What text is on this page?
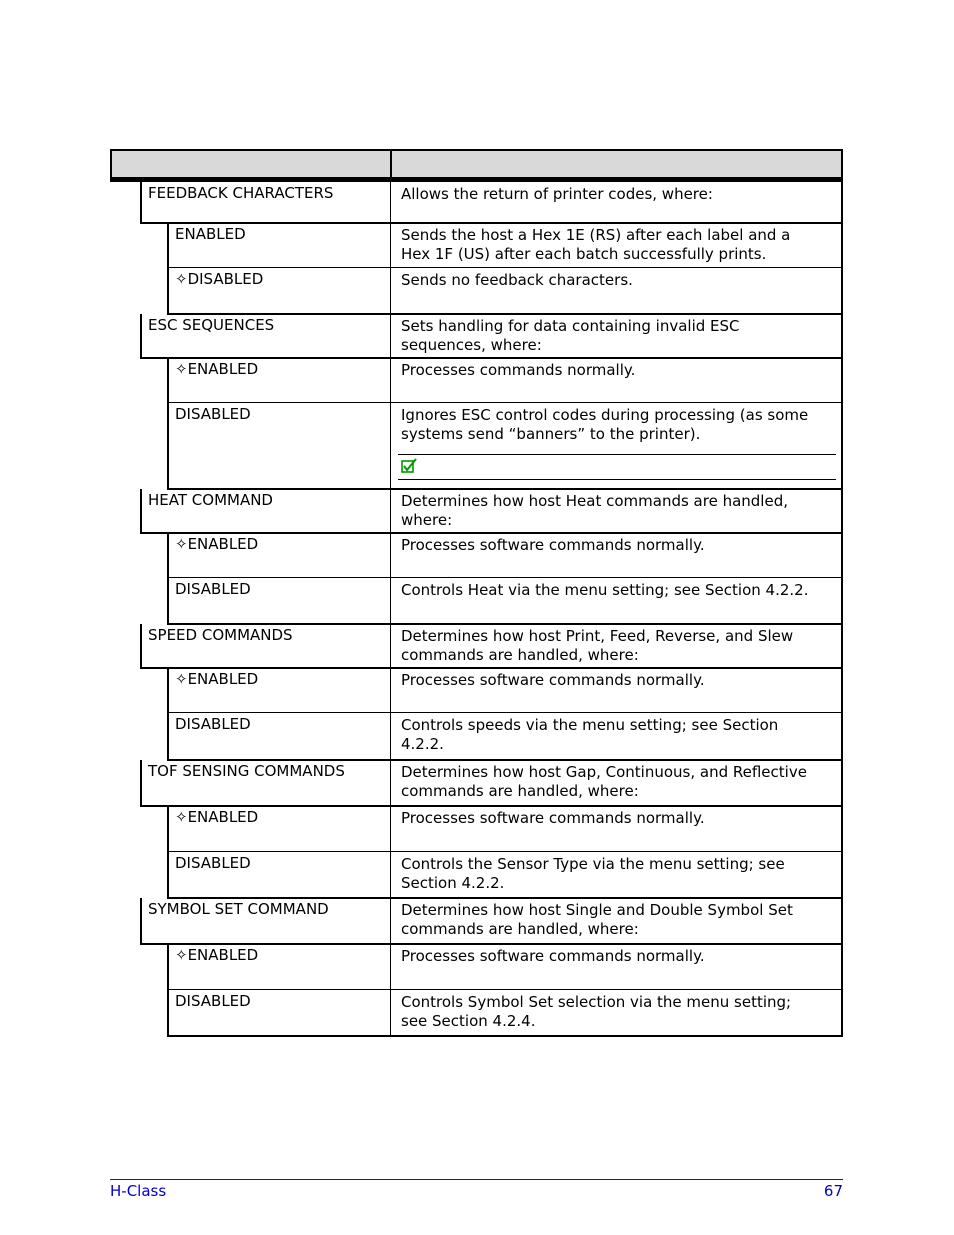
FEEDBACK CHARACTERS	Allows the return of printer codes, where:
ENABLED	Sends the host a Hex 1E (RS) after each label and a
Hex 1F (US) after each batch successfully prints.
✧DISABLED	Sends no feedback characters.
ESC SEQUENCES	Sets handling for data containing invalid ESC
sequences, where:
✧ENABLED	Processes commands normally.
DISABLED	Ignores ESC control codes during processing (as some
systems send “banners” to the printer).
HEAT COMMAND	Determines how host Heat commands are handled,
where:
✧ENABLED	Processes software commands normally.
DISABLED	Controls Heat via the menu setting; see Section 4.2.2.
SPEED COMMANDS	Determines how host Print, Feed, Reverse, and Slew
commands are handled, where:
✧ENABLED	Processes software commands normally.
DISABLED	Controls speeds via the menu setting; see Section
4.2.2.
TOF SENSING COMMANDS	Determines how host Gap, Continuous, and Reflective
commands are handled, where:
✧ENABLED	Processes software commands normally.
DISABLED	Controls the Sensor Type via the menu setting; see
Section 4.2.2.
SYMBOL SET COMMAND	Determines how host Single and Double Symbol Set
commands are handled, where:
✧ENABLED	Processes software commands normally.
DISABLED	Controls Symbol Set selection via the menu setting;
see Section 4.2.4.
H-Class	67
